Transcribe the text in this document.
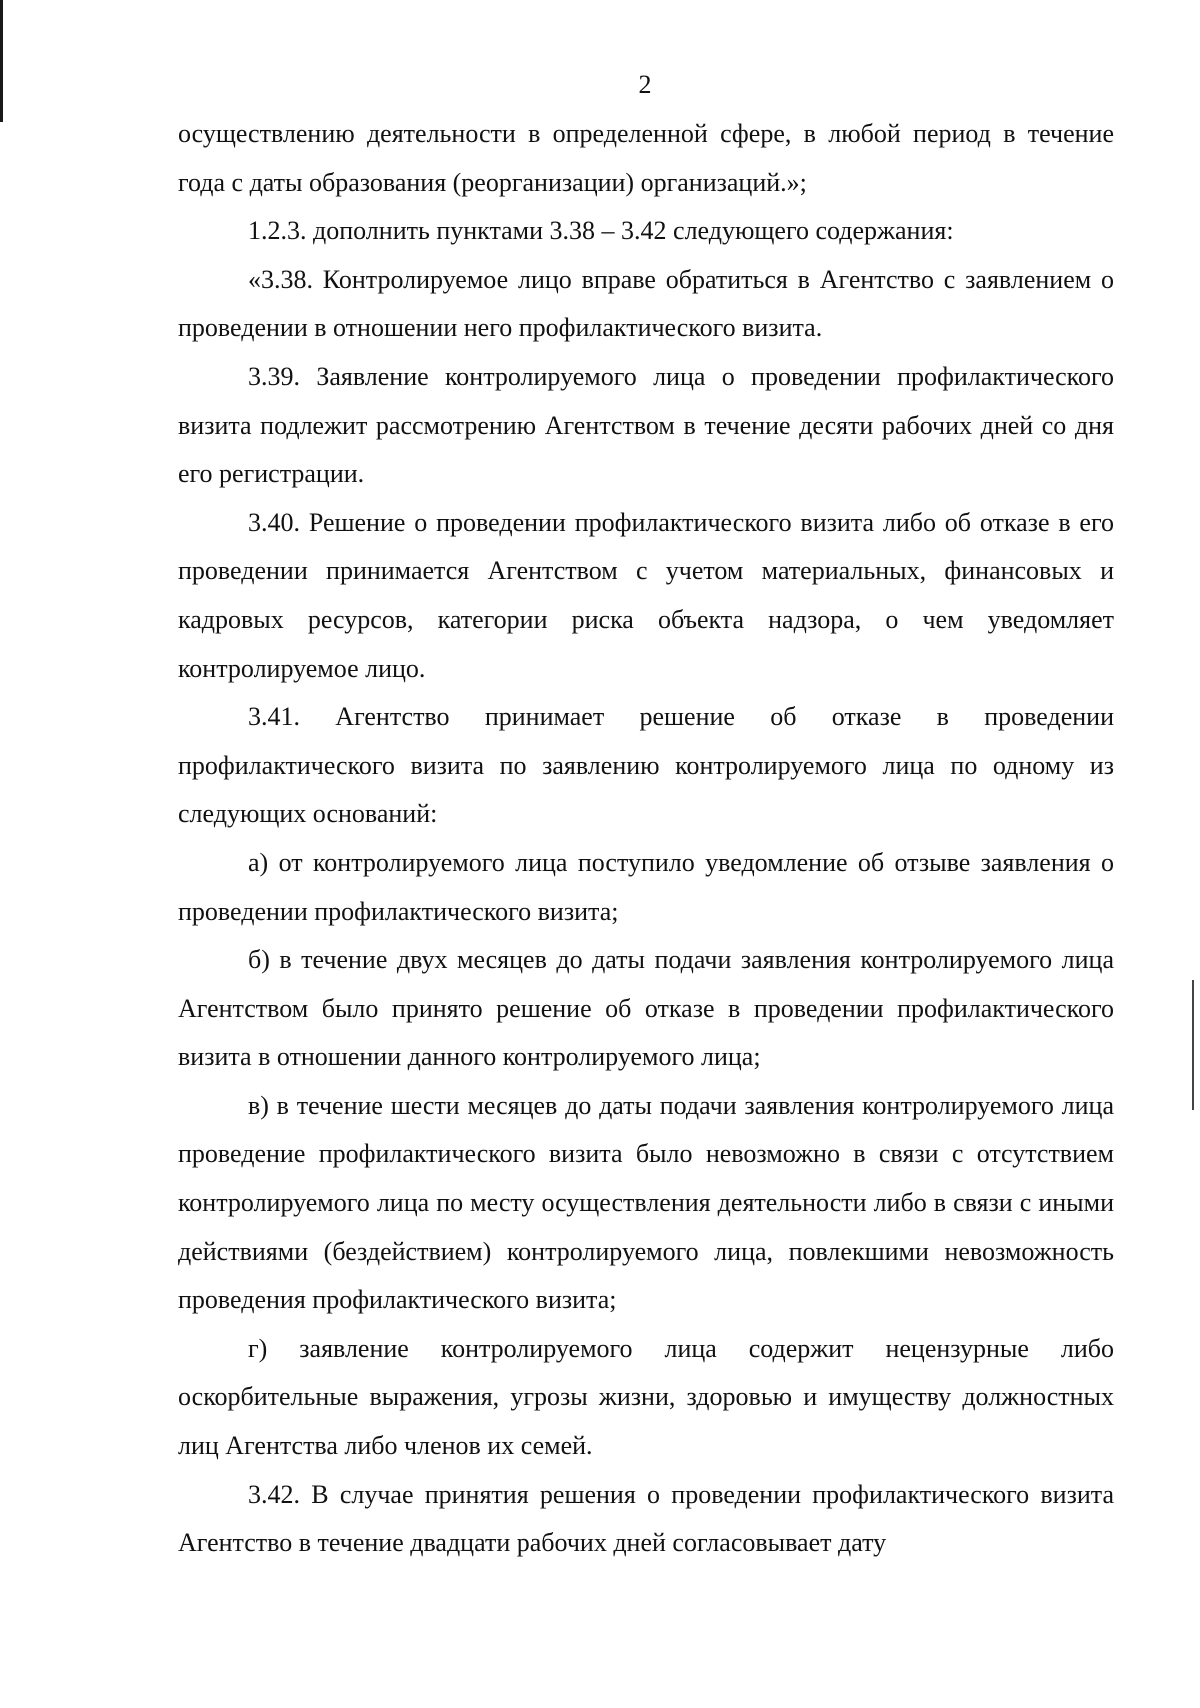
2

осуществлению деятельности в определенной сфере, в любой период в течение года с даты образования (реорганизации) организаций.»;

1.2.3. дополнить пунктами 3.38 – 3.42 следующего содержания:

«3.38. Контролируемое лицо вправе обратиться в Агентство с заявлением о проведении в отношении него профилактического визита.

3.39. Заявление контролируемого лица о проведении профилактического визита подлежит рассмотрению Агентством в течение десяти рабочих дней со дня его регистрации.

3.40. Решение о проведении профилактического визита либо об отказе в его проведении принимается Агентством с учетом материальных, финансовых и кадровых ресурсов, категории риска объекта надзора, о чем уведомляет контролируемое лицо.

3.41. Агентство принимает решение об отказе в проведении профилактического визита по заявлению контролируемого лица по одному из следующих оснований:

а) от контролируемого лица поступило уведомление об отзыве заявления о проведении профилактического визита;

б) в течение двух месяцев до даты подачи заявления контролируемого лица Агентством было принято решение об отказе в проведении профилактического визита в отношении данного контролируемого лица;

в) в течение шести месяцев до даты подачи заявления контролируемого лица проведение профилактического визита было невозможно в связи с отсутствием контролируемого лица по месту осуществления деятельности либо в связи с иными действиями (бездействием) контролируемого лица, повлекшими невозможность проведения профилактического визита;

г) заявление контролируемого лица содержит нецензурные либо оскорбительные выражения, угрозы жизни, здоровью и имуществу должностных лиц Агентства либо членов их семей.

3.42. В случае принятия решения о проведении профилактического визита Агентство в течение двадцати рабочих дней согласовывает дату
